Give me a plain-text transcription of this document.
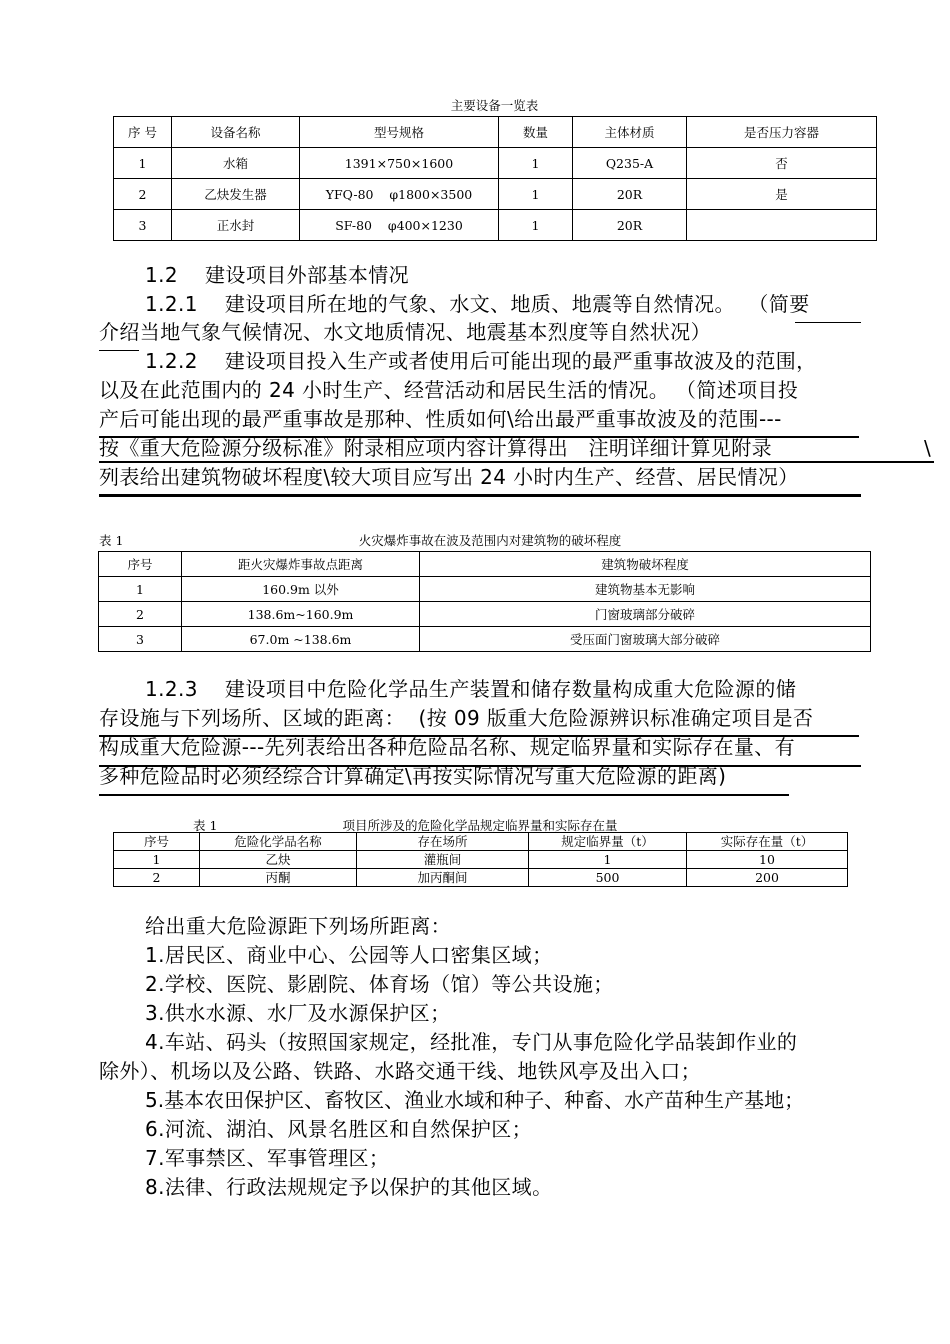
主要设备一览表
序 号	设备名称	型号规格	数量	主体材质	是否压力容器
1	水箱	1391×750×1600	1	Q235-A	否
2	乙炔发生器	YFQ-80    φ1800×3500	1	20R	是
3	正水封	SF-80    φ400×1230	1	20R	
1.2    建设项目外部基本情况
1.2.1    建设项目所在地的气象、水文、地质、地震等自然情况。  （简要
介绍当地气象气候情况、水文地质情况、地震基本烈度等自然状况）
1.2.2    建设项目投入生产或者使用后可能出现的最严重事故波及的范围，
以及在此范围内的 24 小时生产、经营活动和居民生活的情况。 （简述项目投
产后可能出现的最严重事故是那种、性质如何\给出最严重事故波及的范围---
按《重大危险源分级标准》附录相应项内容计算得出   注明详细计算见附录	\
列表给出建筑物破坏程度\较大项目应写出 24 小时内生产、经营、居民情况）
表 1	火灾爆炸事故在波及范围内对建筑物的破坏程度
序号	距火灾爆炸事故点距离	建筑物破坏程度
1	160.9m 以外	建筑物基本无影响
2	138.6m~160.9m	门窗玻璃部分破碎
3	67.0m ~138.6m	受压面门窗玻璃大部分破碎
1.2.3    建设项目中危险化学品生产装置和储存数量构成重大危险源的储
存设施与下列场所、区域的距离：  (按 09 版重大危险源辨识标准确定项目是否
构成重大危险源---先列表给出各种危险品名称、规定临界量和实际存在量、有
多种危险品时必须经综合计算确定\再按实际情况写重大危险源的距离)
表 1	项目所涉及的危险化学品规定临界量和实际存在量
序号	危险化学品名称	存在场所	规定临界量（t）	实际存在量（t）
1	乙炔	灌瓶间	1	10
2	丙酮	加丙酮间	500	200
给出重大危险源距下列场所距离：
1.居民区、商业中心、公园等人口密集区域；
2.学校、医院、影剧院、体育场（馆）等公共设施；
3.供水水源、水厂及水源保护区；
4.车站、码头（按照国家规定，经批准，专门从事危险化学品装卸作业的
除外）、机场以及公路、铁路、水路交通干线、地铁风亭及出入口；
5.基本农田保护区、畜牧区、渔业水域和种子、种畜、水产苗种生产基地；
6.河流、湖泊、风景名胜区和自然保护区；
7.军事禁区、军事管理区；
8.法律、行政法规规定予以保护的其他区域。
